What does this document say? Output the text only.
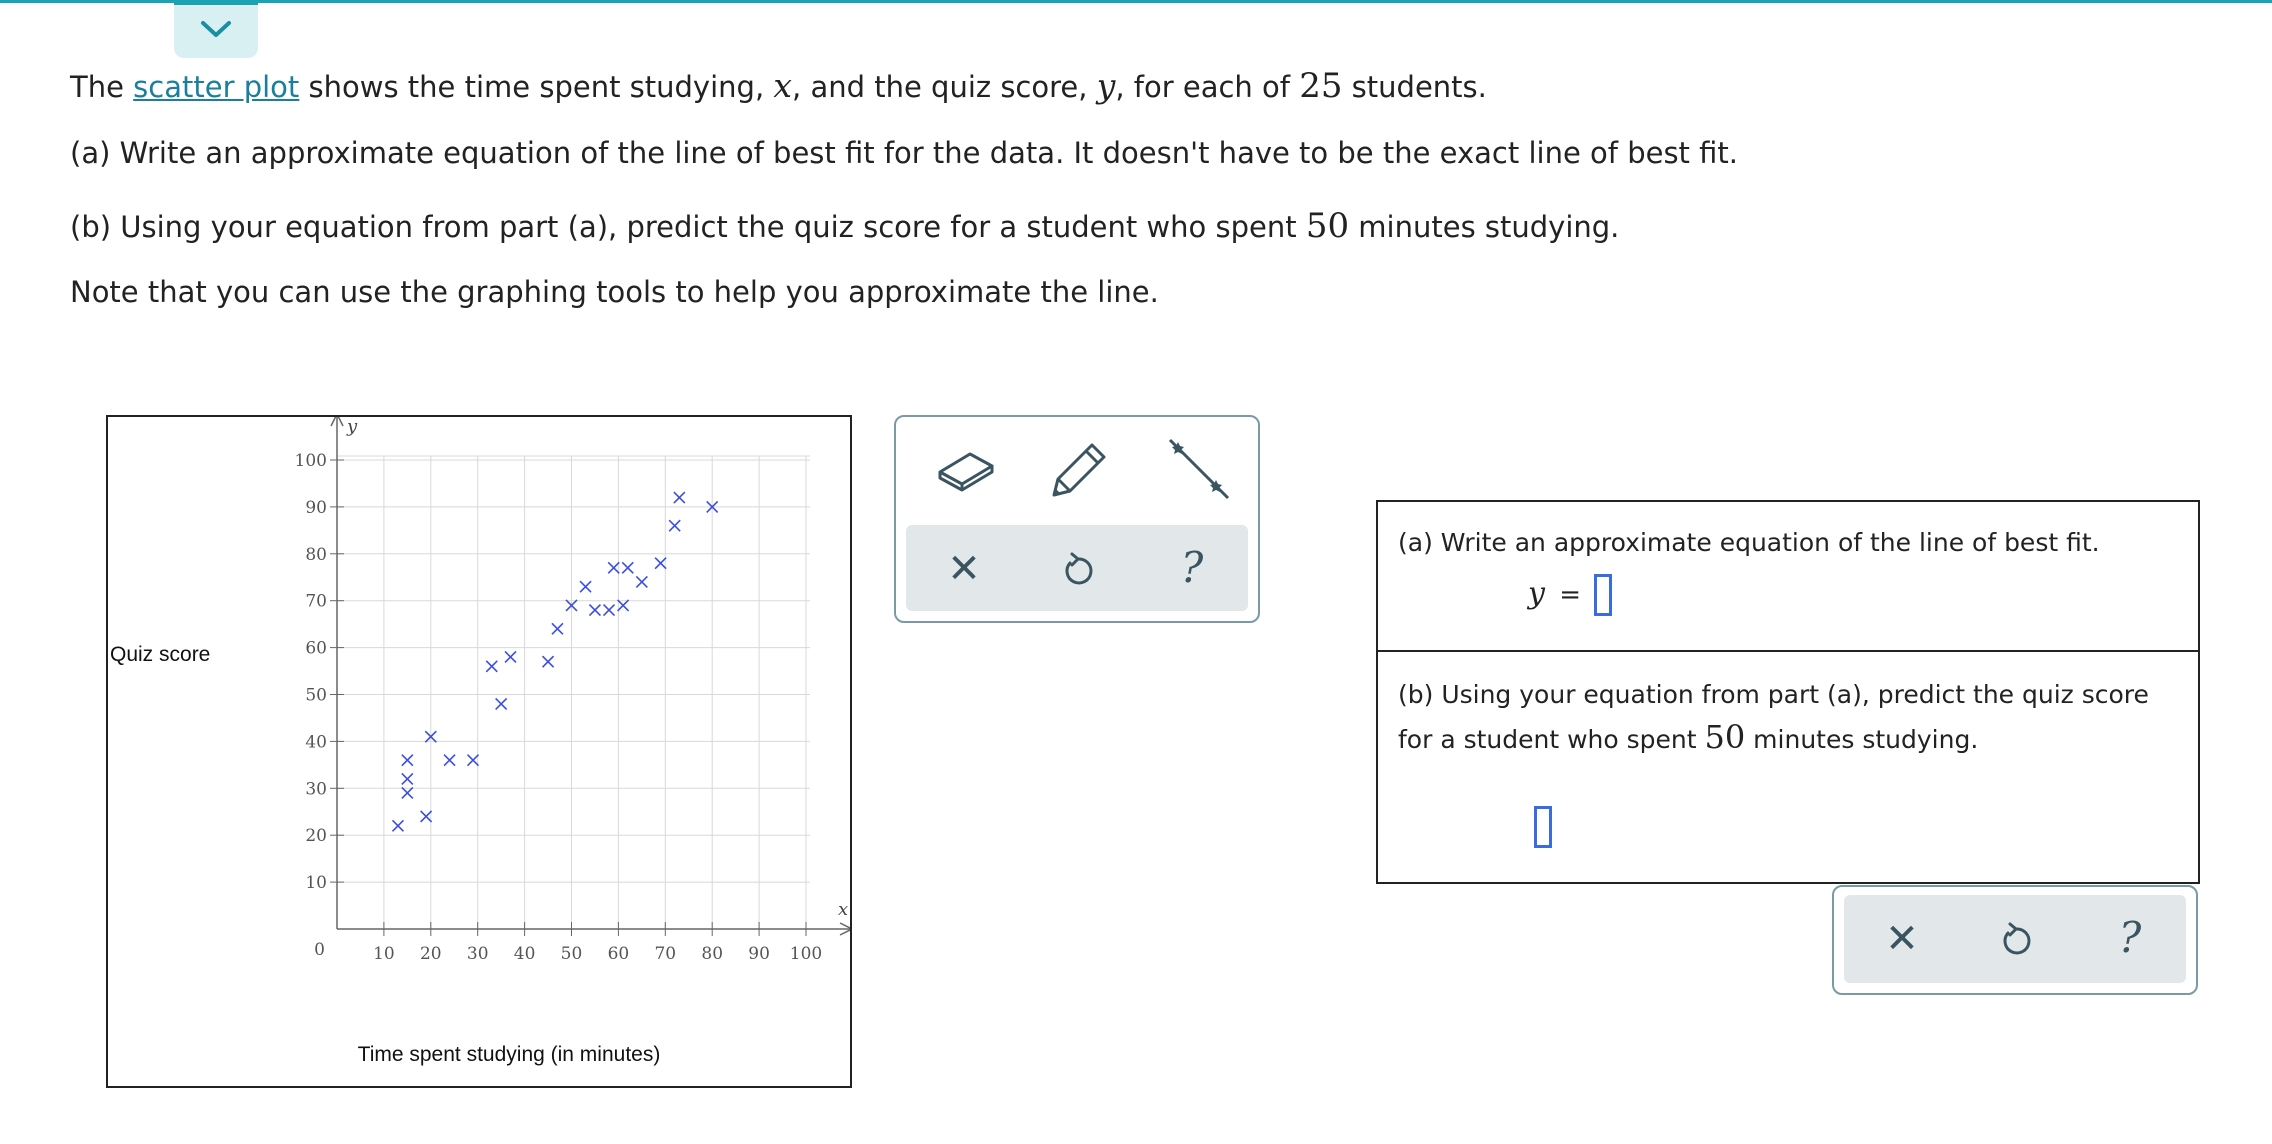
The scatter plot shows the time spent studying, x, and the quiz score, y, for each of 25 students.
(a) Write an approximate equation of the line of best fit for the data. It doesn't have to be the exact line of best fit.
(b) Using your equation from part (a), predict the quiz score for a student who spent 50 minutes studying.
Note that you can use the graphing tools to help you approximate the line.
x
y
0	10 20 30 40 50 60 70 80 90 100
10
20
30
40
50
60
70
80
90
100
Quiz score
Time spent studying (in minutes)
✕	?	(a) Write an approximate equation of the line of best fit.
y =
(b) Using your equation from part (a), predict the quiz score for a student who spent 50 minutes studying.
✕	?
